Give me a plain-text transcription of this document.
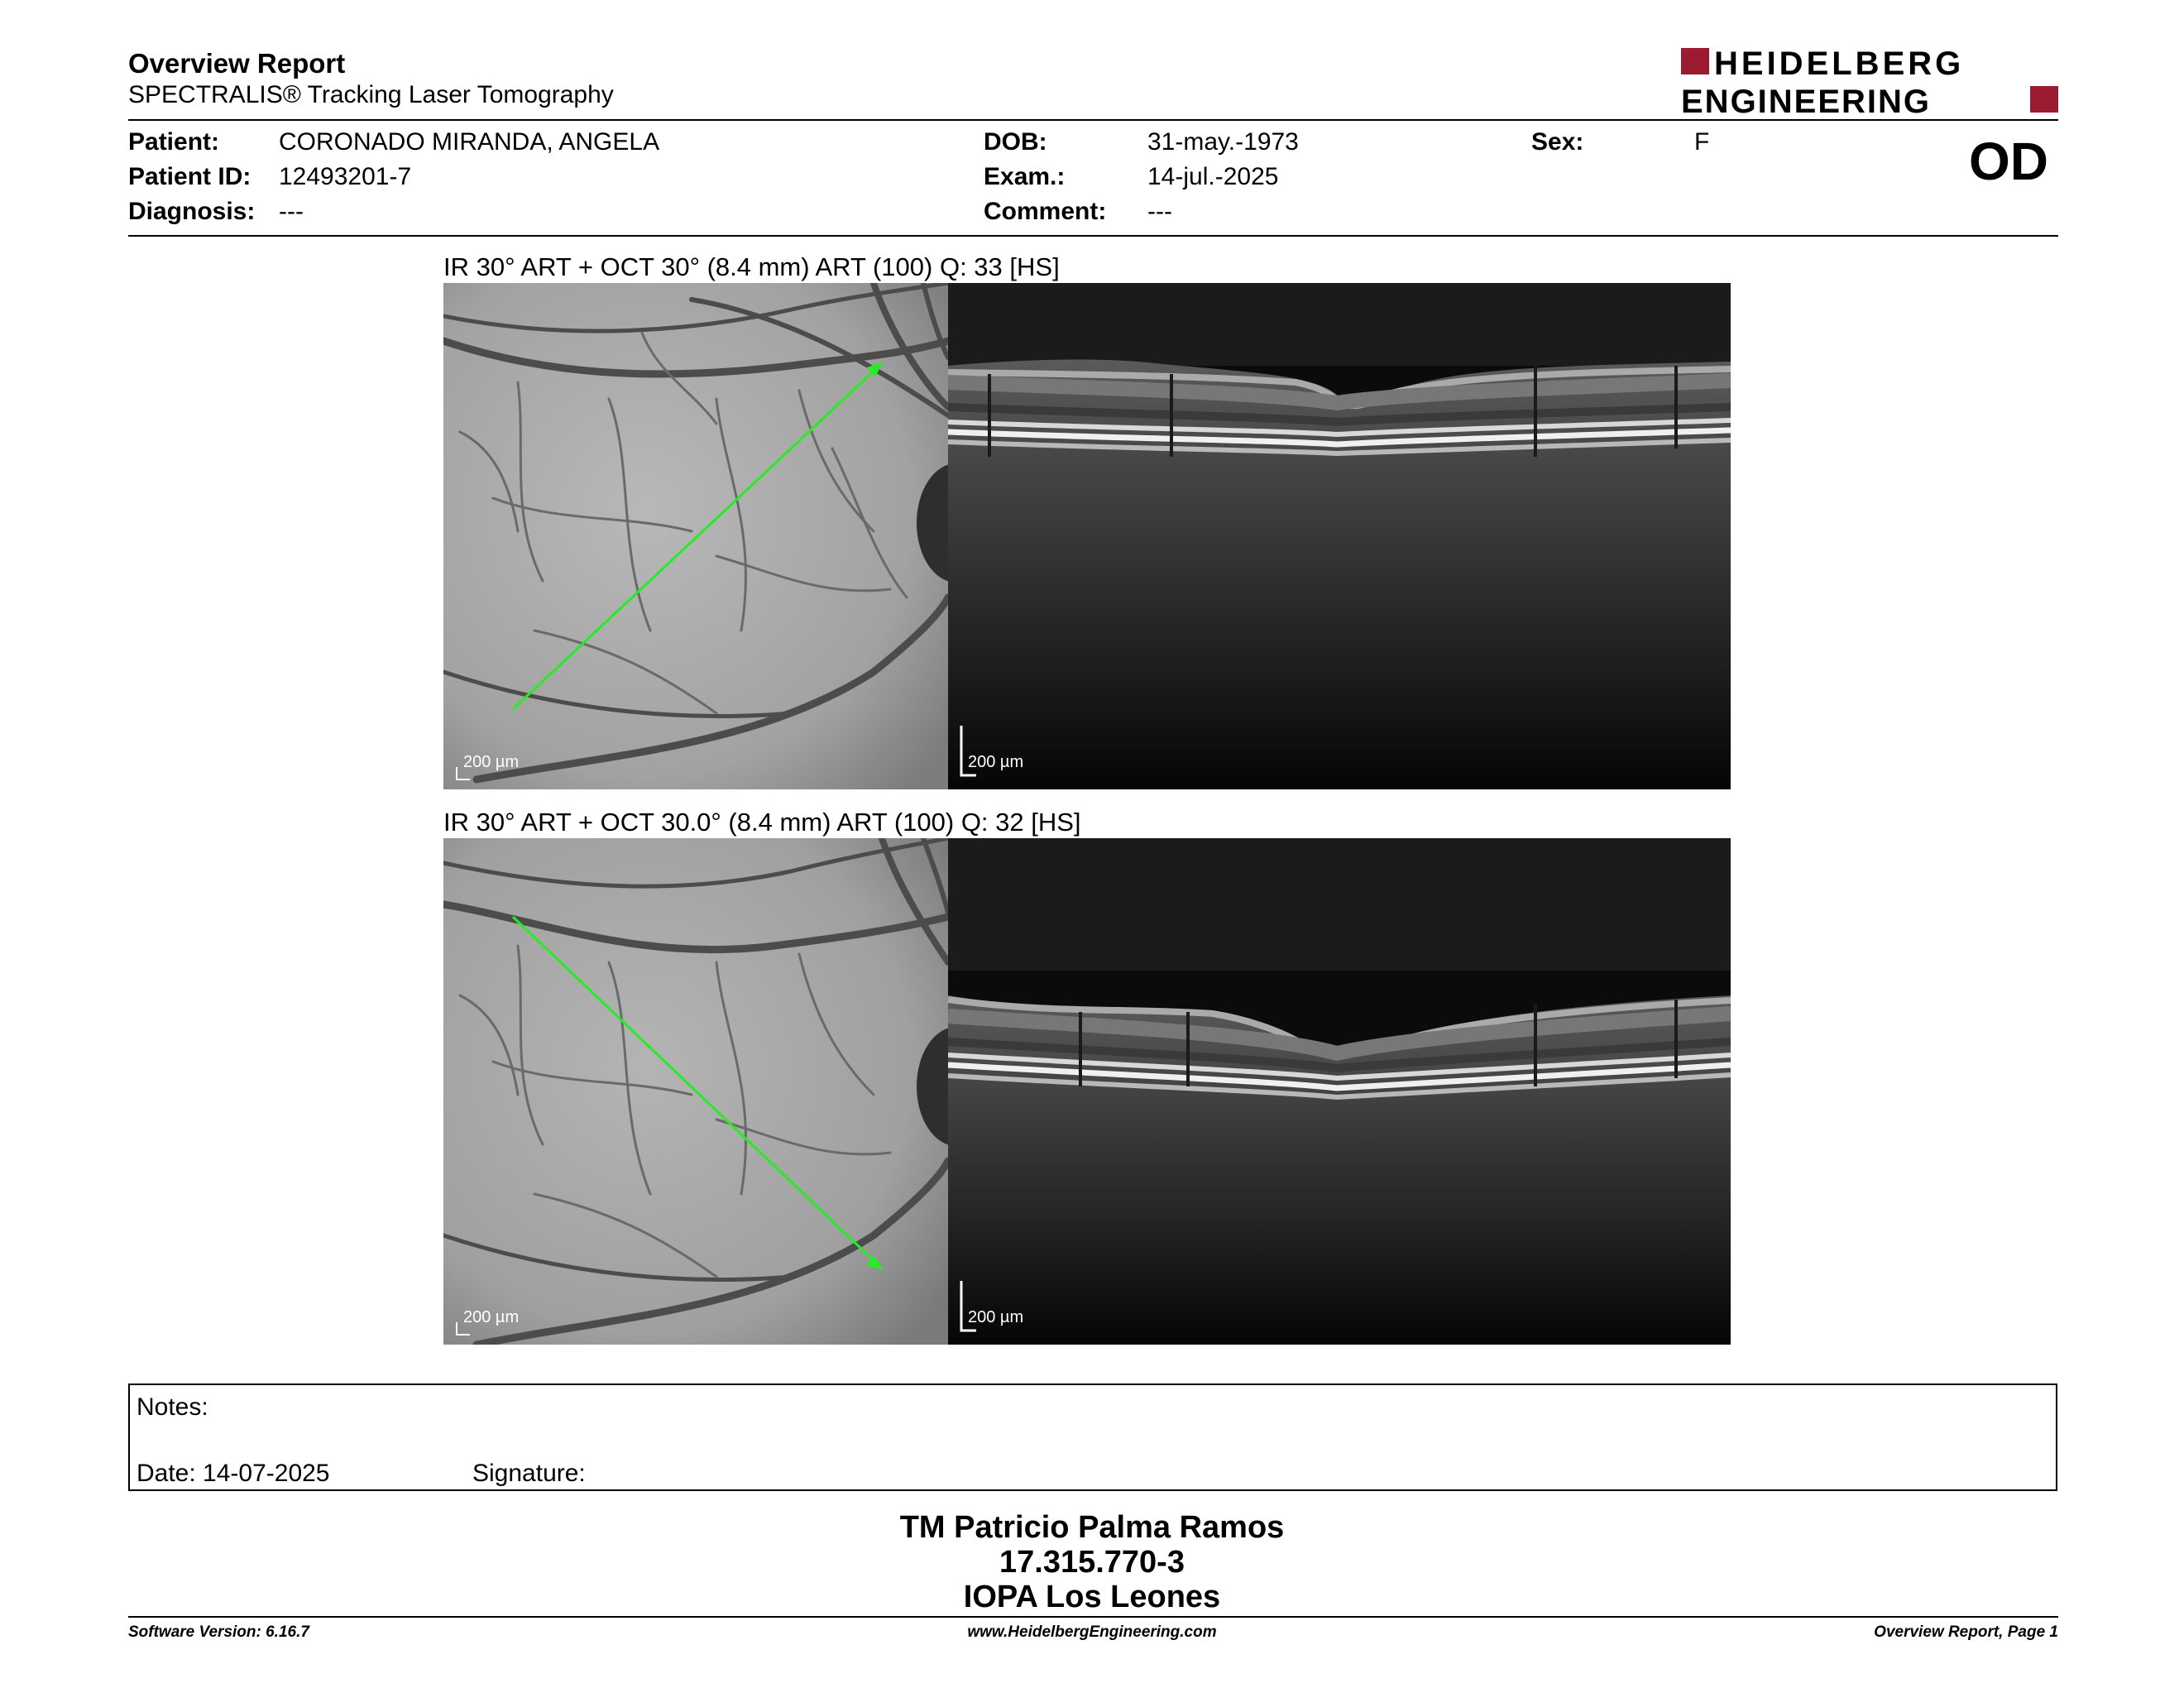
Overview Report
SPECTRALIS® Tracking Laser Tomography
HEIDELBERG
ENGINEERING
Patient: CORONADO MIRANDA, ANGELA
Patient ID: 12493201-7
Diagnosis: ---
DOB:	31-may.-1973
Exam.:	14-jul.-2025
Comment: ---
Sex:	F	OD
IR 30° ART + OCT 30° (8.4 mm) ART (100) Q: 33 [HS]
200 µm	200 µm
IR 30° ART + OCT 30.0° (8.4 mm) ART (100) Q: 32 [HS]
200 µm	200 µm
Notes:
Date: 14-07-2025	Signature:
TM Patricio Palma Ramos
17.315.770-3
IOPA Los Leones
Software Version: 6.16.7	www.HeidelbergEngineering.com	Overview Report, Page 1
